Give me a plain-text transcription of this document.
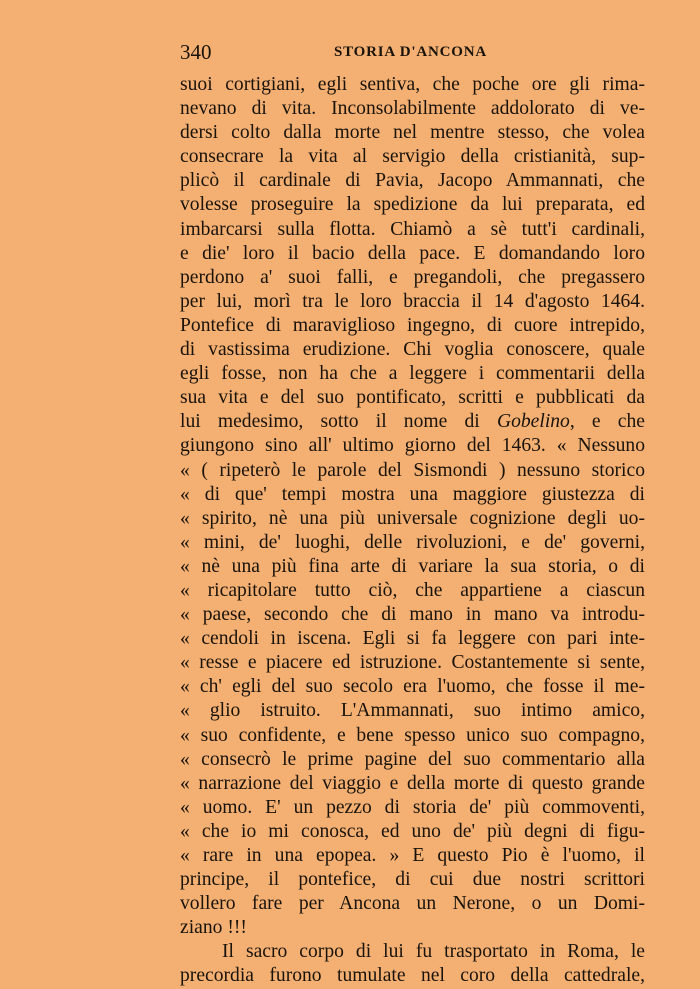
340	STORIA D'ANCONA
suoi cortigiani, egli sentiva, che poche ore gli rima-
nevano di vita. Inconsolabilmente addolorato di ve-
dersi colto dalla morte nel mentre stesso, che volea
consecrare la vita al servigio della cristianità, sup-
plicò il cardinale di Pavia, Jacopo Ammannati, che
volesse proseguire la spedizione da lui preparata, ed
imbarcarsi sulla flotta. Chiamò a sè tutt'i cardinali,
e die' loro il bacio della pace. E domandando loro
perdono a' suoi falli, e pregandoli, che pregassero
per lui, morì tra le loro braccia il 14 d'agosto 1464.
Pontefice di maraviglioso ingegno, di cuore intrepido,
di vastissima erudizione. Chi voglia conoscere, quale
egli fosse, non ha che a leggere i commentarii della
sua vita e del suo pontificato, scritti e pubblicati da
lui medesimo, sotto il nome di Gobelino, e che
giungono sino all' ultimo giorno del 1463. « Nessuno
« ( ripeterò le parole del Sismondi ) nessuno storico
« di que' tempi mostra una maggiore giustezza di
« spirito, nè una più universale cognizione degli uo-
« mini, de' luoghi, delle rivoluzioni, e de' governi,
« nè una più fina arte di variare la sua storia, o di
« ricapitolare tutto ciò, che appartiene a ciascun
« paese, secondo che di mano in mano va introdu-
« cendoli in iscena. Egli si fa leggere con pari inte-
« resse e piacere ed istruzione. Costantemente si sente,
« ch' egli del suo secolo era l'uomo, che fosse il me-
« glio istruito. L'Ammannati, suo intimo amico,
« suo confidente, e bene spesso unico suo compagno,
« consecrò le prime pagine del suo commentario alla
« narrazione del viaggio e della morte di questo grande
« uomo. E' un pezzo di storia de' più commoventi,
« che io mi conosca, ed uno de' più degni di figu-
« rare in una epopea. » E questo Pio è l'uomo, il
principe, il pontefice, di cui due nostri scrittori
vollero fare per Ancona un Nerone, o un Domi-
ziano !!!
Il sacro corpo di lui fu trasportato in Roma, le
precordia furono tumulate nel coro della cattedrale,
